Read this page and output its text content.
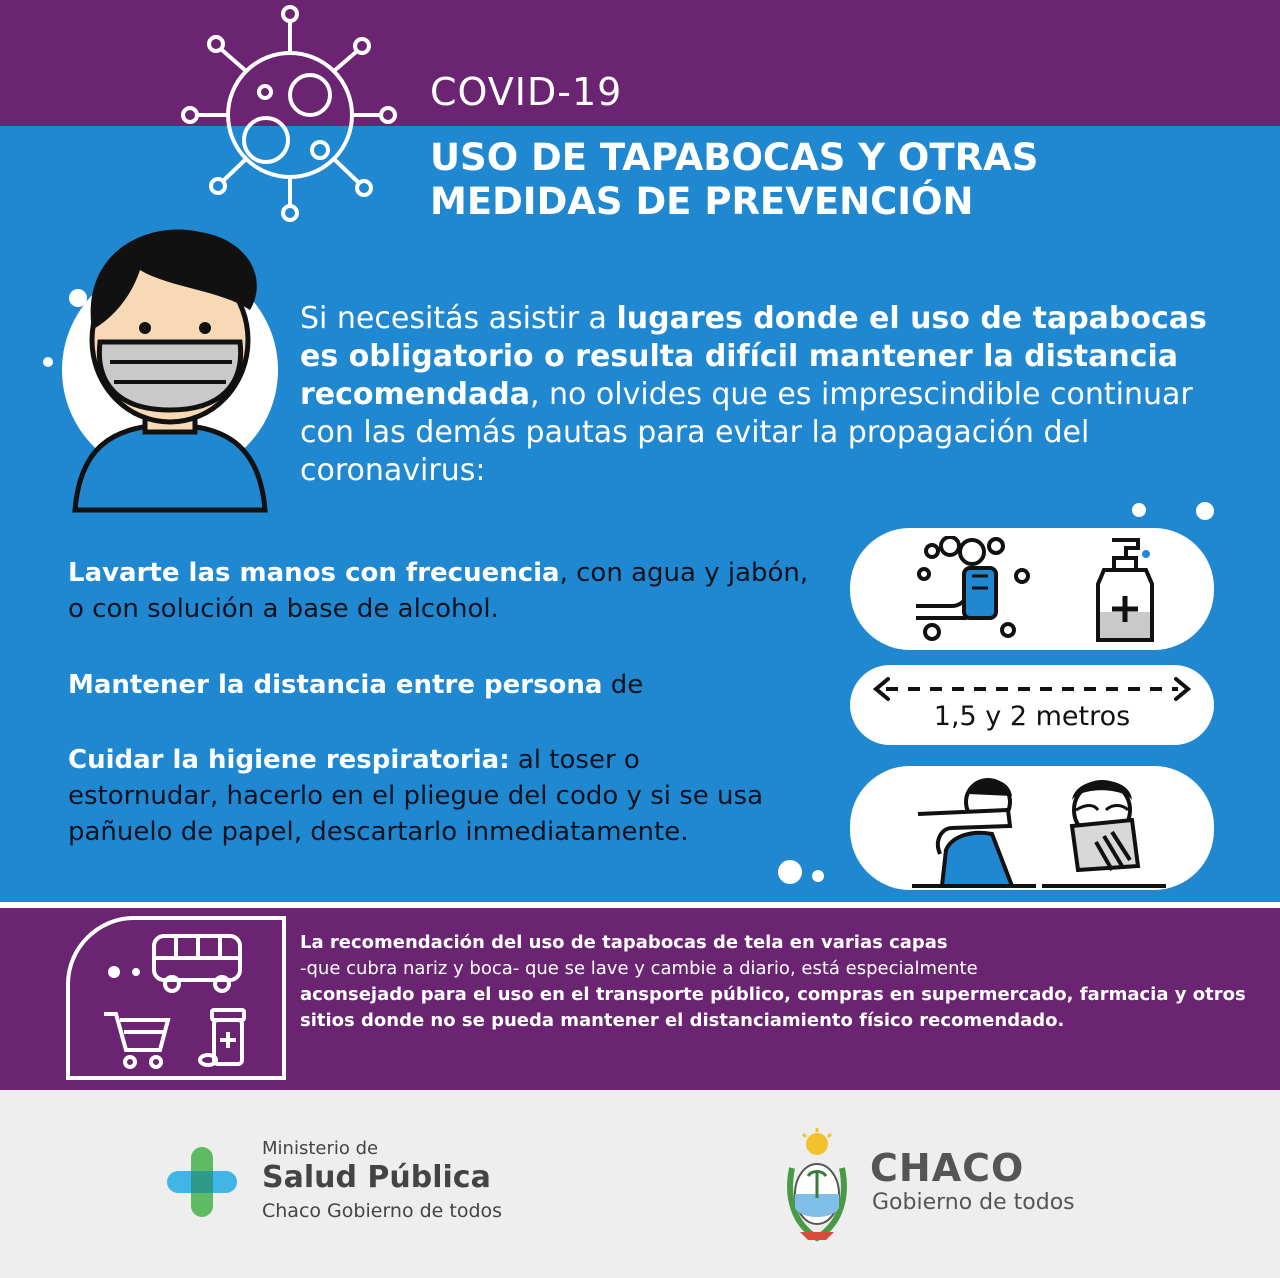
COVID-19
USO DE TAPABOCAS Y OTRAS
MEDIDAS DE PREVENCIÓN

Si necesitás asistir a lugares donde el uso de tapabocas es obligatorio o resulta difícil mantener la distancia recomendada, no olvides que es imprescindible continuar con las demás pautas para evitar la propagación del coronavirus:

Lavarte las manos con frecuencia, con agua y jabón, o con solución a base de alcohol.

Mantener la distancia entre persona de

Cuidar la higiene respiratoria: al toser o estornudar, hacerlo en el pliegue del codo y si se usa pañuelo de papel, descartarlo inmediatamente.

1,5 y 2 metros

La recomendación del uso de tapabocas de tela en varias capas
-que cubra nariz y boca- que se lave y cambie a diario, está especialmente
aconsejado para el uso en el transporte público, compras en supermercado, farmacia y otros sitios donde no se pueda mantener el distanciamiento físico recomendado.

Ministerio de

Salud Pública

Chaco Gobierno de todos

CHACO

Gobierno de todos
